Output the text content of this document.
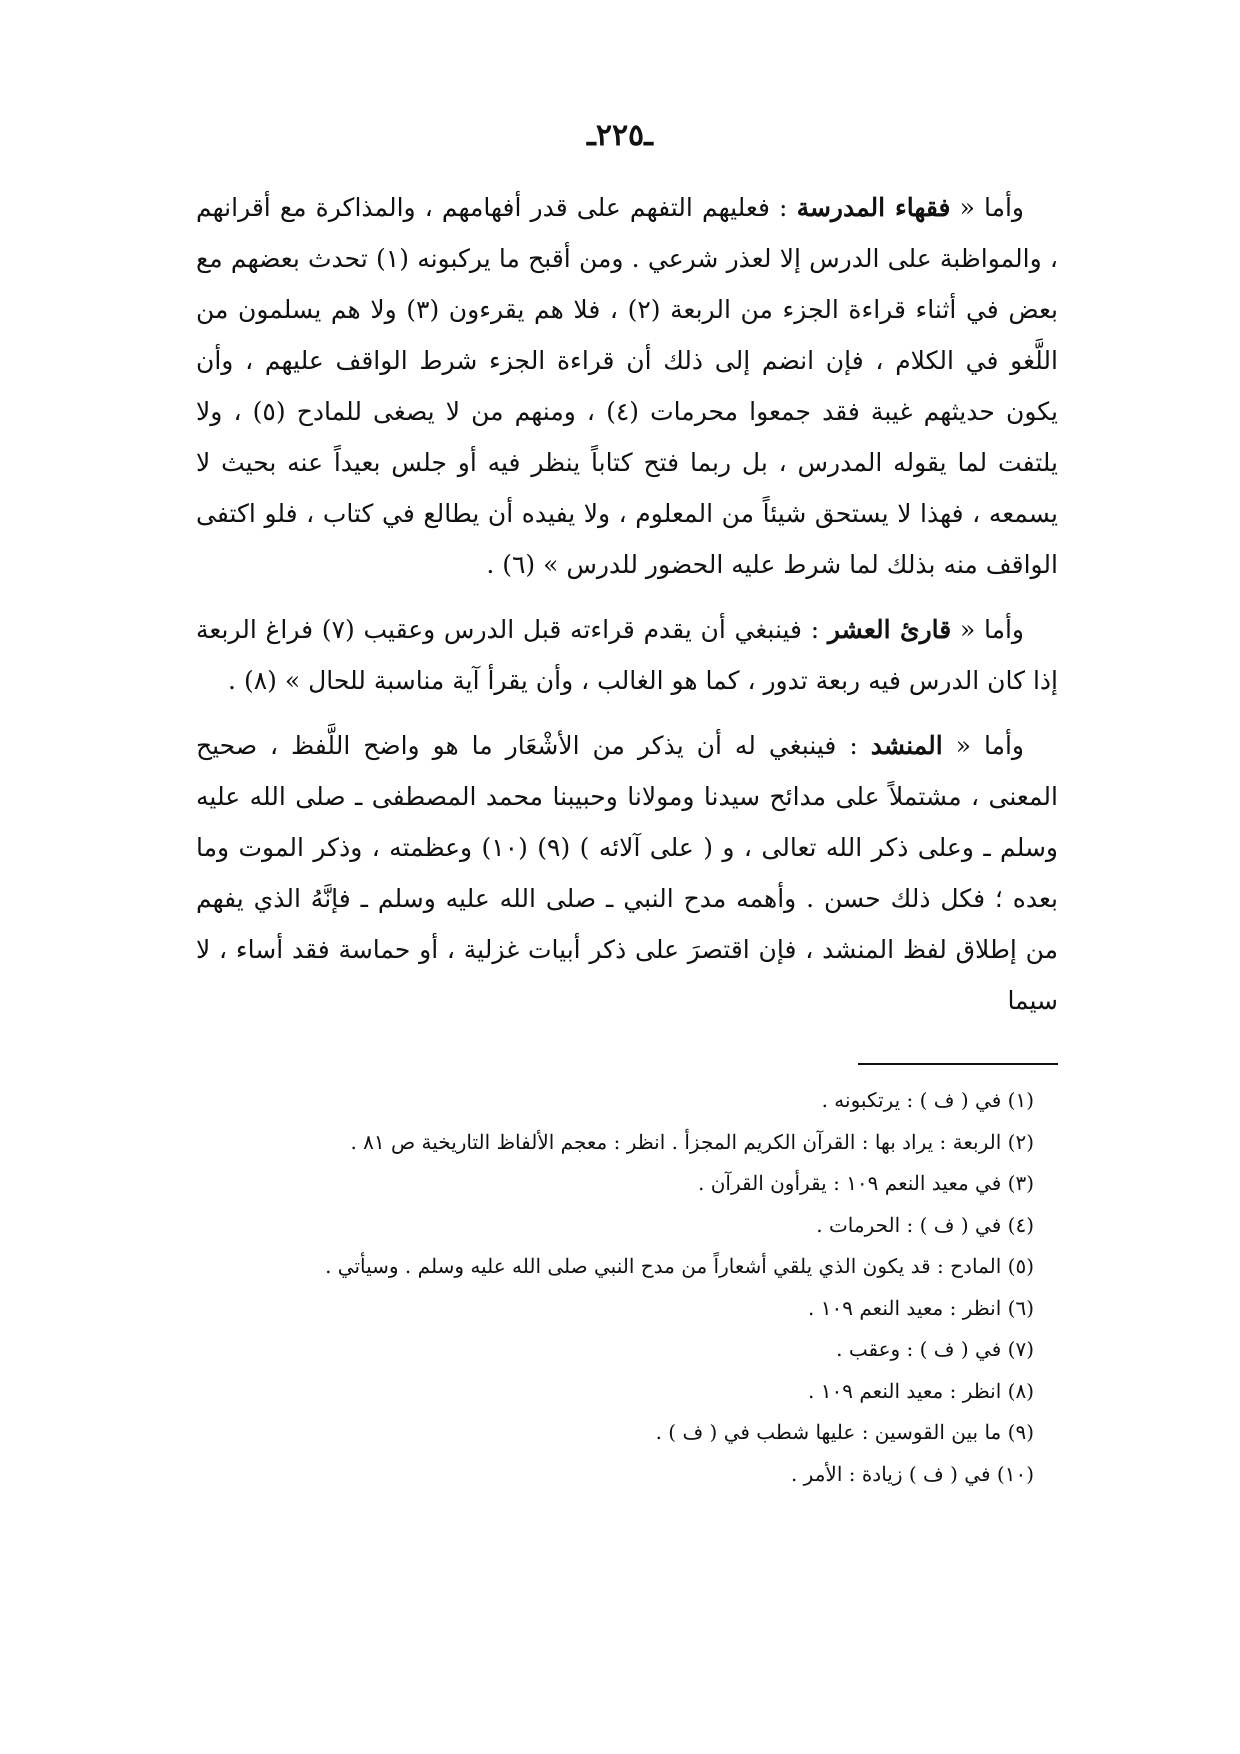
ـ٢٢٥ـ

وأما « فقهاء المدرسة : فعليهم التفهم على قدر أفهامهم ، والمذاكرة مع أقرانهم ، والمواظبة على الدرس إلا لعذر شرعي . ومن أقبح ما يركبونه (١) تحدث بعضهم مع بعض في أثناء قراءة الجزء من الربعة (٢) ، فلا هم يقرءون (٣) ولا هم يسلمون من اللَّغو في الكلام ، فإن انضم إلى ذلك أن قراءة الجزء شرط الواقف عليهم ، وأن يكون حديثهم غيبة فقد جمعوا محرمات (٤) ، ومنهم من لا يصغى للمادح (٥) ، ولا يلتفت لما يقوله المدرس ، بل ربما فتح كتاباً ينظر فيه أو جلس بعيداً عنه بحيث لا يسمعه ، فهذا لا يستحق شيئاً من المعلوم ، ولا يفيده أن يطالع في كتاب ، فلو اكتفى الواقف منه بذلك لما شرط عليه الحضور للدرس » (٦) .

وأما « قارئ العشر : فينبغي أن يقدم قراءته قبل الدرس وعقيب (٧) فراغ الربعة إذا كان الدرس فيه ربعة تدور ، كما هو الغالب ، وأن يقرأ آية مناسبة للحال » (٨) .

وأما « المنشد : فينبغي له أن يذكر من الأشْعَار ما هو واضح اللَّفظ ، صحيح المعنى ، مشتملاً على مدائح سيدنا ومولانا وحبيبنا محمد المصطفى ـ صلى الله عليه وسلم ـ وعلى ذكر الله تعالى ، و ( على آلائه ) (٩) (١٠) وعظمته ، وذكر الموت وما بعده ؛ فكل ذلك حسن . وأهمه مدح النبي ـ صلى الله عليه وسلم ـ فإنَّهُ الذي يفهم من إطلاق لفظ المنشد ، فإن اقتصرَ على ذكر أبيات غزلية ، أو حماسة فقد أساء ، لا سيما

(١) في ( ف ) : يرتكبونه .
(٢) الربعة : يراد بها : القرآن الكريم المجزأ . انظر : معجم الألفاظ التاريخية ص ٨١ .
(٣) في معيد النعم ١٠٩ : يقرأون القرآن .
(٤) في ( ف ) : الحرمات .
(٥) المادح : قد يكون الذي يلقي أشعاراً من مدح النبي صلى الله عليه وسلم . وسيأتي .
(٦) انظر : معيد النعم ١٠٩ .
(٧) في ( ف ) : وعقب .
(٨) انظر : معيد النعم ١٠٩ .
(٩) ما بين القوسين : عليها شطب في ( ف ) .
(١٠) في ( ف ) زيادة : الأمر .
